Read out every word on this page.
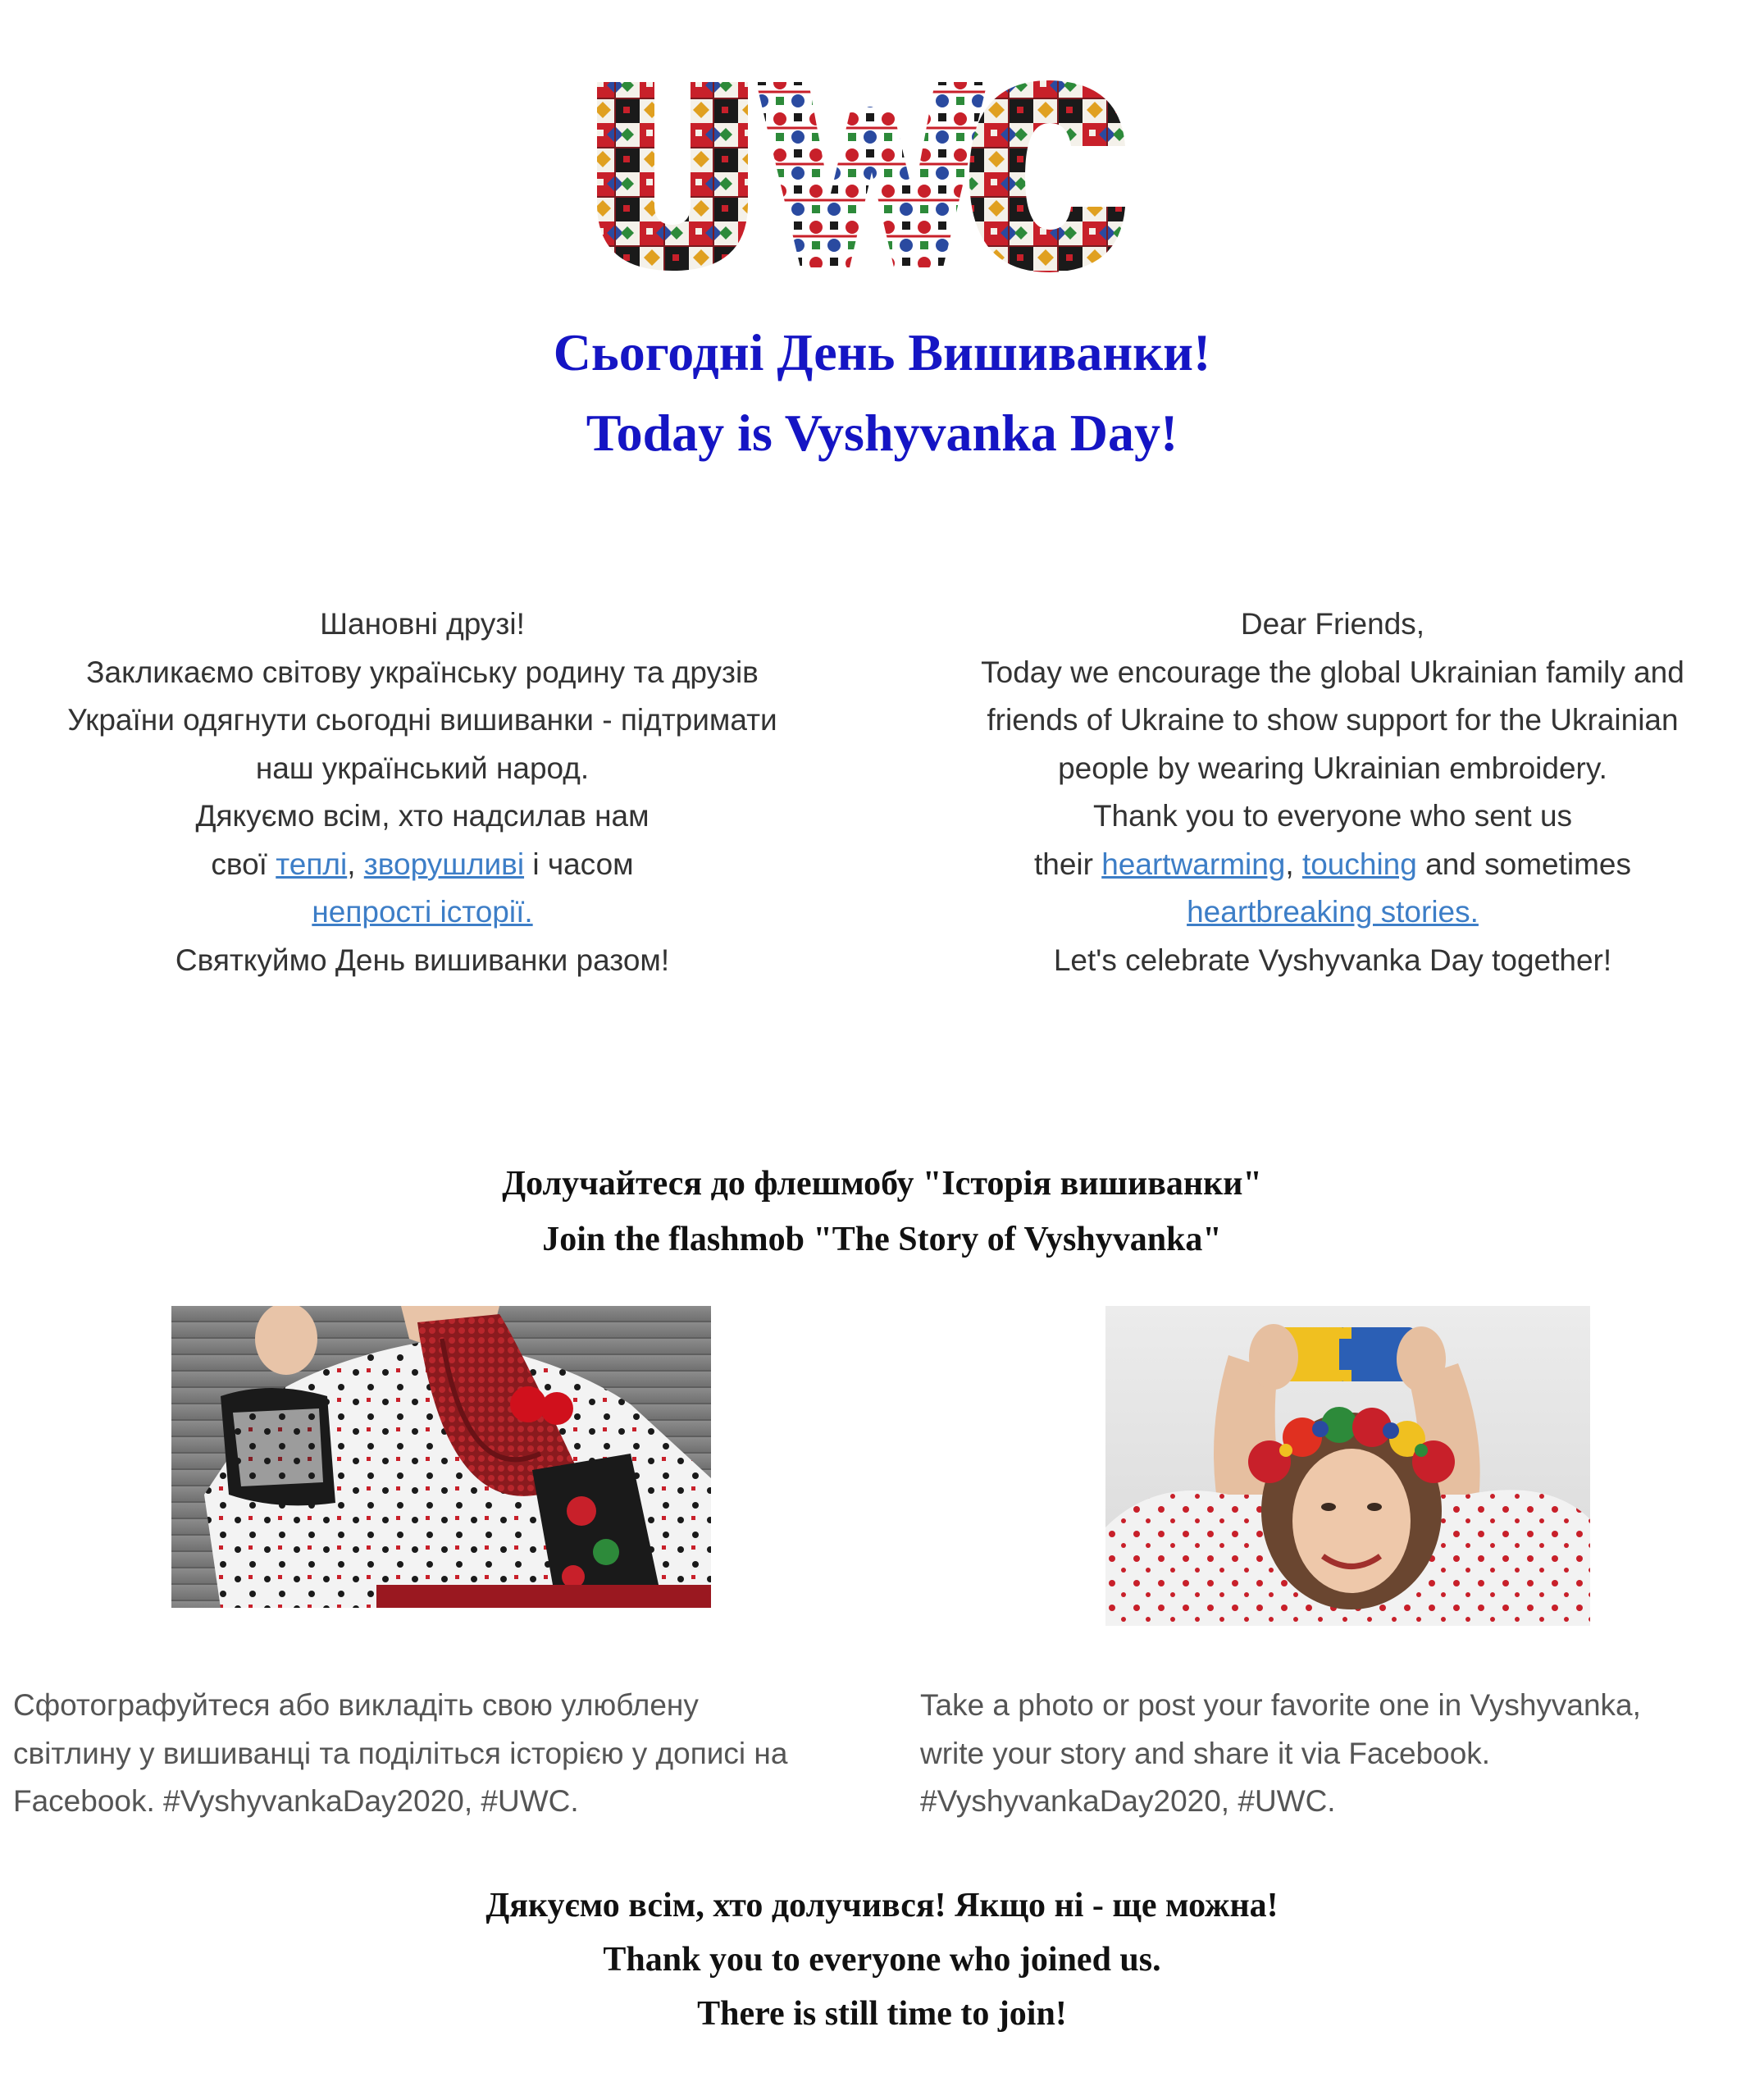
Сьогодні День Вишиванки!
Today is Vyshyvanka Day!
Шановні друзі!
Закликаємо світову українську родину та друзів
України одягнути сьогодні вишиванки - підтримати
наш український народ.
Дякуємо всім, хто надсилав нам
свої теплі, зворушливі і часом
непрості історії.
Святкуймо День вишиванки разом!
Dear Friends,
Today we encourage the global Ukrainian family and
friends of Ukraine to show support for the Ukrainian
people by wearing Ukrainian embroidery.
Thank you to everyone who sent us
their heartwarming, touching and sometimes
heartbreaking stories.
Let's celebrate Vyshyvanka Day together!
Долучайтеся до флешмобу "Історія вишиванки"
Join the flashmob "The Story of Vyshyvanka"
Сфотографуйтеся або викладіть свою улюблену
світлину у вишиванці та поділіться історією у дописі на
Facebook. #VyshyvankaDay2020, #UWC.
Take a photo or post your favorite one in Vyshyvanka,
write your story and share it via Facebook.
#VyshyvankaDay2020, #UWC.
Дякуємо всім, хто долучився! Якщо ні - ще можна!
Thank you to everyone who joined us.
There is still time to join!
